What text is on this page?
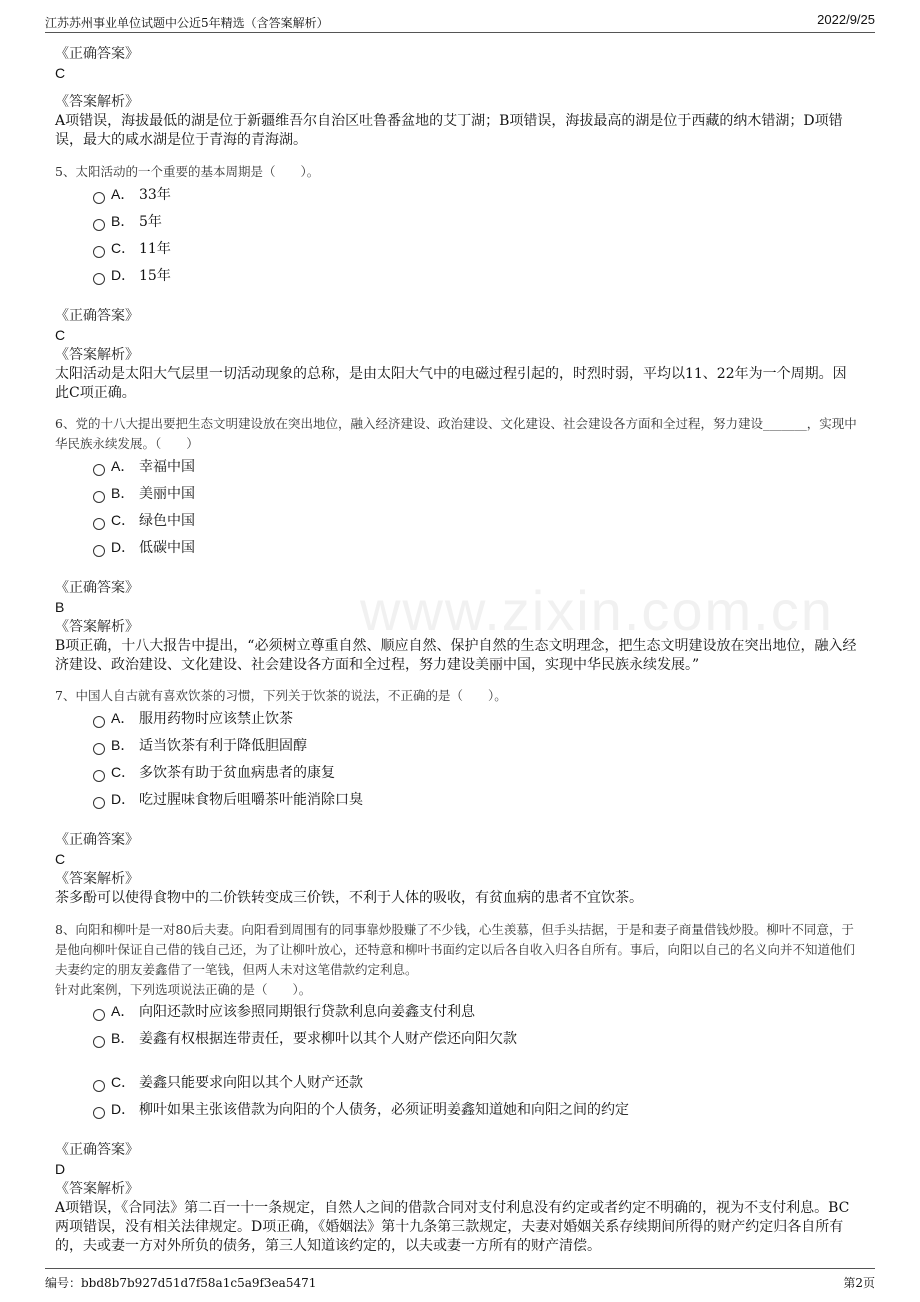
江苏苏州事业单位试题中公近5年精选（含答案解析）	2022/9/25
www.zixin.com.cn
《正确答案》
C
《答案解析》
A项错误，海拔最低的湖是位于新疆维吾尔自治区吐鲁番盆地的艾丁湖；B项错误，海拔最高的湖是位于西藏的纳木错湖；D项错误，最大的咸水湖是位于青海的青海湖。
5、太阳活动的一个重要的基本周期是（　　）。
A． 33年
B． 5年
C． 11年
D． 15年
《正确答案》
C
《答案解析》
太阳活动是太阳大气层里一切活动现象的总称，是由太阳大气中的电磁过程引起的，时烈时弱，平均以11、22年为一个周期。因此C项正确。
6、党的十八大提出要把生态文明建设放在突出地位，融入经济建设、政治建设、文化建设、社会建设各方面和全过程，努力建设_______，实现中华民族永续发展。（　　）
A． 幸福中国
B． 美丽中国
C． 绿色中国
D． 低碳中国
《正确答案》
B
《答案解析》
B项正确，十八大报告中提出，“必须树立尊重自然、顺应自然、保护自然的生态文明理念，把生态文明建设放在突出地位，融入经济建设、政治建设、文化建设、社会建设各方面和全过程，努力建设美丽中国，实现中华民族永续发展。”
7、中国人自古就有喜欢饮茶的习惯，下列关于饮茶的说法，不正确的是（　　）。
A． 服用药物时应该禁止饮茶
B． 适当饮茶有利于降低胆固醇
C． 多饮茶有助于贫血病患者的康复
D． 吃过腥味食物后咀嚼茶叶能消除口臭
《正确答案》
C
《答案解析》
茶多酚可以使得食物中的二价铁转变成三价铁，不利于人体的吸收，有贫血病的患者不宜饮茶。
8、向阳和柳叶是一对80后夫妻。向阳看到周围有的同事靠炒股赚了不少钱，心生羡慕，但手头拮据，于是和妻子商量借钱炒股。柳叶不同意，于是他向柳叶保证自己借的钱自己还，为了让柳叶放心，还特意和柳叶书面约定以后各自收入归各自所有。事后，向阳以自己的名义向并不知道他们夫妻约定的朋友姜鑫借了一笔钱，但两人未对这笔借款约定利息。
针对此案例，下列选项说法正确的是（　　）。
A． 向阳还款时应该参照同期银行贷款利息向姜鑫支付利息
B． 姜鑫有权根据连带责任，要求柳叶以其个人财产偿还向阳欠款
C． 姜鑫只能要求向阳以其个人财产还款
D． 柳叶如果主张该借款为向阳的个人债务，必须证明姜鑫知道她和向阳之间的约定
《正确答案》
D
《答案解析》
A项错误，《合同法》第二百一十一条规定，自然人之间的借款合同对支付利息没有约定或者约定不明确的，视为不支付利息。BC两项错误，没有相关法律规定。D项正确，《婚姻法》第十九条第三款规定，夫妻对婚姻关系存续期间所得的财产约定归各自所有的，夫或妻一方对外所负的债务，第三人知道该约定的，以夫或妻一方所有的财产清偿。
编号：bbd8b7b927d51d7f58a1c5a9f3ea5471	第2页
